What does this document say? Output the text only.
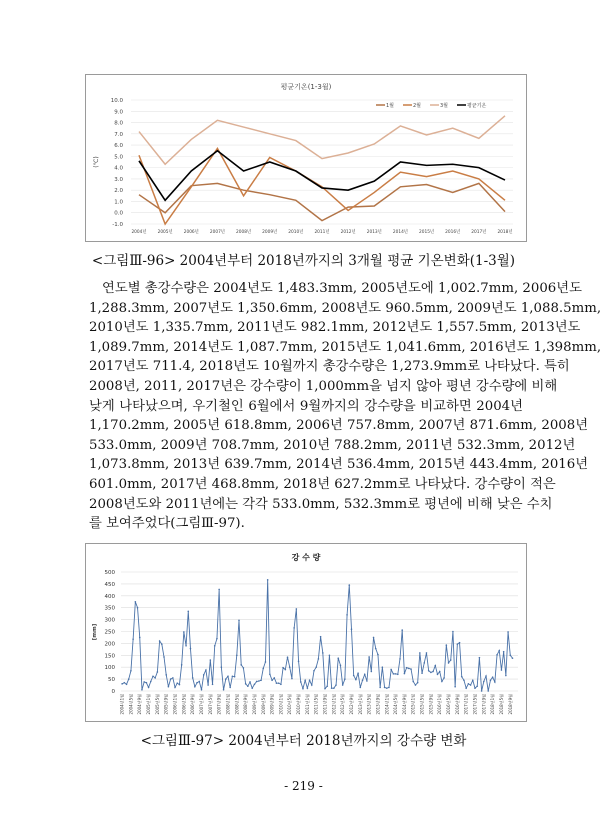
평균기온(1-3월)
10.0
9.0
8.0
7.0
6.0
5.0
4.0
3.0
2.0
1.0
0.0
-1.0
(℃)
2004년	2005년	2006년	2007년	2008년	2009년	2010년	2011년	2012년	2013년	2014년	2015년	2016년	2017년	2018년
1월	2월	3월	평균기온
<그림Ⅲ-96> 2004년부터 2018년까지의 3개월 평균 기온변화(1-3월)
연도별 총강수량은 2004년도 1,483.3mm, 2005년도에 1,002.7mm, 2006년도
1,288.3mm, 2007년도 1,350.6mm, 2008년도 960.5mm, 2009년도 1,088.5mm,
2010년도 1,335.7mm, 2011년도 982.1mm, 2012년도 1,557.5mm, 2013년도
1,089.7mm, 2014년도 1,087.7mm, 2015년도 1,041.6mm, 2016년도 1,398mm,
2017년도 711.4, 2018년도 10월까지 총강수량은 1,273.9mm로 나타났다. 특히
2008년, 2011, 2017년은 강수량이 1,000mm을 넘지 않아 평년 강수량에 비해
낮게 나타났으며, 우기철인 6월에서 9월까지의 강수량을 비교하면 2004년
1,170.2mm, 2005년 618.8mm, 2006년 757.8mm, 2007년 871.6mm, 2008년
533.0mm, 2009년 708.7mm, 2010년 788.2mm, 2011년 532.3mm, 2012년
1,073.8mm, 2013년 639.7mm, 2014년 536.4mm, 2015년 443.4mm, 2016년
601.0mm, 2017년 468.8mm, 2018년 627.2mm로 나타났다. 강수량이 적은
2008년도와 2011년에는 각각 533.0mm, 532.3mm로 평년에 비해 낮은 수치
를 보여주었다(그림Ⅲ-97).
강 수 량
500
450
400
350
300
250
200
150
100
50
0
[mm]
2004년1월 2004년5월 2004년9월 2005년1월 2005년5월 2005년9월 2006년1월 2006년5월 2006년9월 2007년1월 2007년5월 2007년9월 2008년1월 2008년5월 2008년9월 2009년1월 2009년5월 2009년9월 2010년1월 2010년5월 2010년9월 2011년1월 2011년5월 2011년9월 2012년1월 2012년5월 2012년9월 2013년1월 2013년5월 2013년9월 2014년1월 2014년5월 2014년9월 2015년1월 2015년5월 2015년9월 2016년1월 2016년5월 2016년9월 2017년1월 2017년5월 2017년9월 2018년1월 2018년5월 2018년9월
<그림Ⅲ-97> 2004년부터 2018년까지의 강수량 변화
- 219 -
